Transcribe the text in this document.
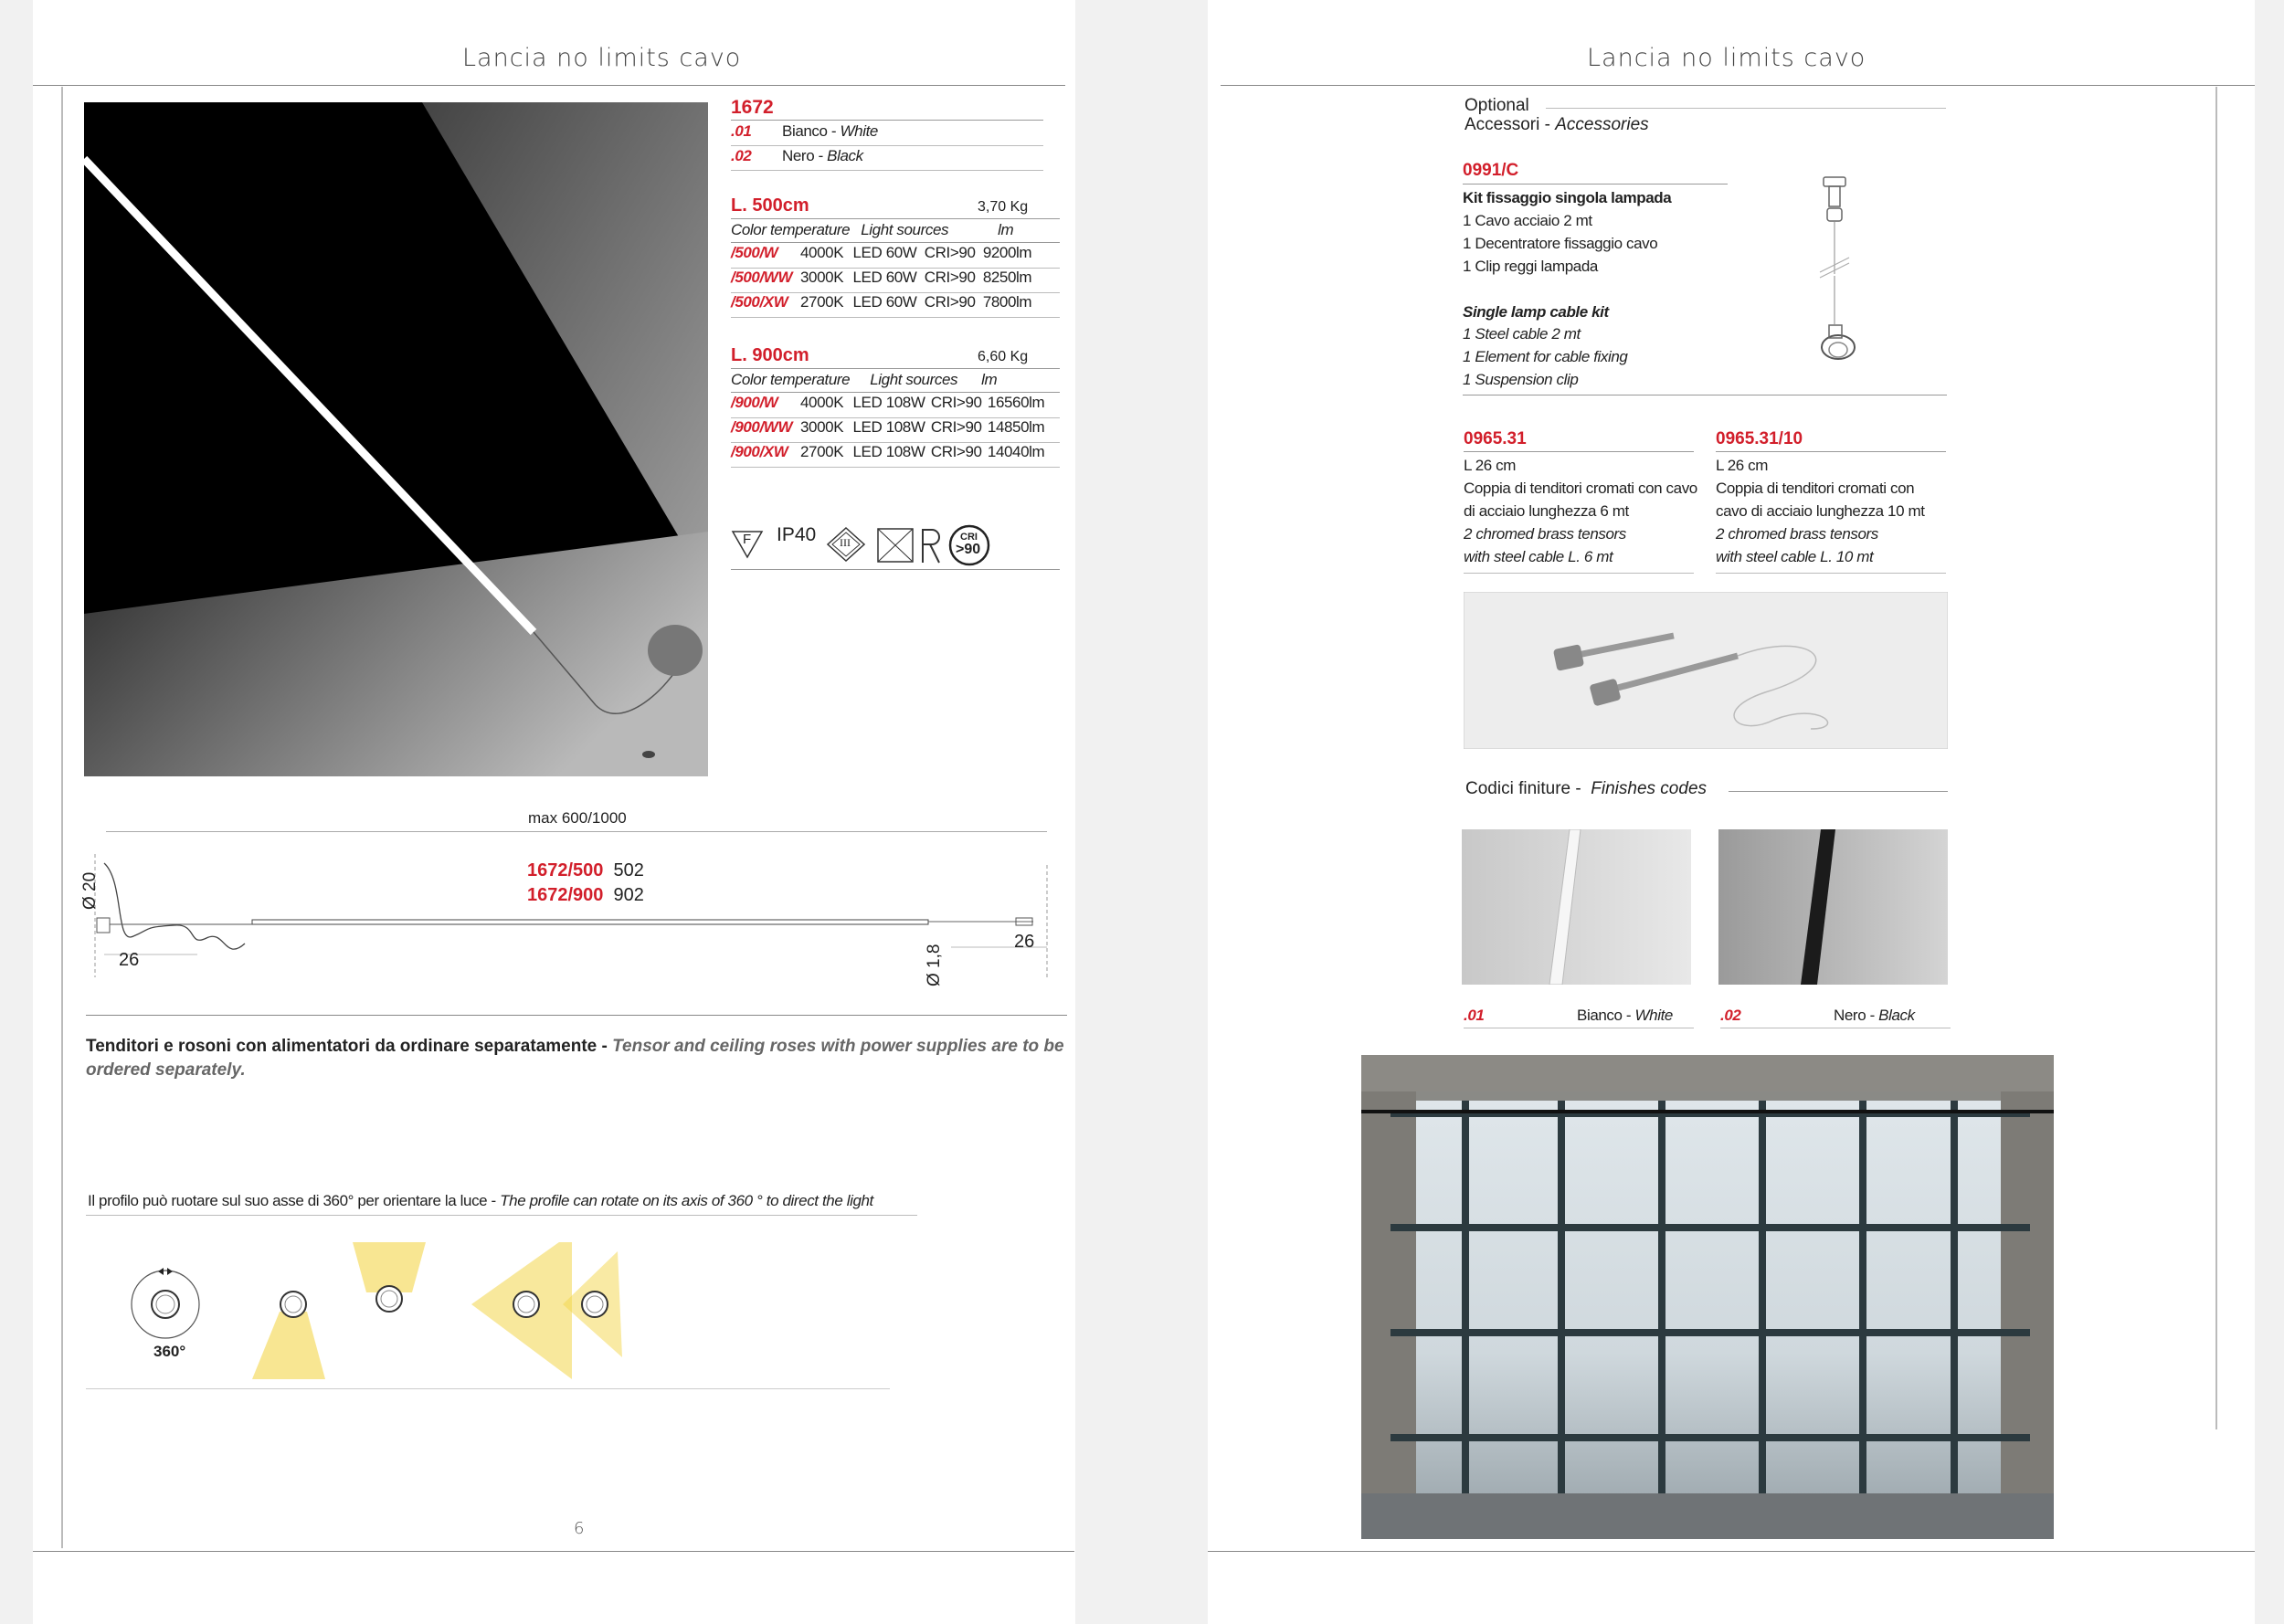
Lancia no limits cavo
1672
.01 Bianco - White
.02 Nero - Black
L. 500cm	3,70 Kg
Color temperature Light sources	lm
/500/W 4000K LED 60W CRI>90 9200lm
/500/WW 3000K LED 60W CRI>90 8250lm
/500/XW 2700K LED 60W CRI>90 7800lm
L. 900cm	6,60 Kg
Color temperature Light sources lm
/900/W 4000K LED 108W CRI>90 16560lm
/900/WW 3000K LED 108W CRI>90 14850lm
/900/XW 2700K LED 108W CRI>90 14040lm
F IP40 III	CRI
>90
max 600/1000
Ø 20
Ø 1,8
26
26
1672/500 502
1672/900 902
Tenditori e rosoni con alimentatori da ordinare separatamente - Tensor and ceiling roses with power supplies are to be ordered separately.
Il profilo può ruotare sul suo asse di 360° per orientare la luce - The profile can rotate on its axis of 360 ° to direct the light
360°
6
Lancia no limits cavo
Optional
Accessori - Accessories
0991/C
Kit fissaggio singola lampada
1 Cavo acciaio 2 mt
1 Decentratore fissaggio cavo
1 Clip reggi lampada
Single lamp cable kit
1 Steel cable 2 mt
1 Element for cable fixing
1 Suspension clip
0965.31
L 26 cm
Coppia di tenditori cromati con cavo
di acciaio lunghezza 6 mt
2 chromed brass tensors
with steel cable L. 6 mt
0965.31/10
L 26 cm
Coppia di tenditori cromati con
cavo di acciaio lunghezza 10 mt
2 chromed brass tensors
with steel cable L. 10 mt
Codici finiture -  Finishes codes
.01	Bianco - White	.02	Nero - Black
